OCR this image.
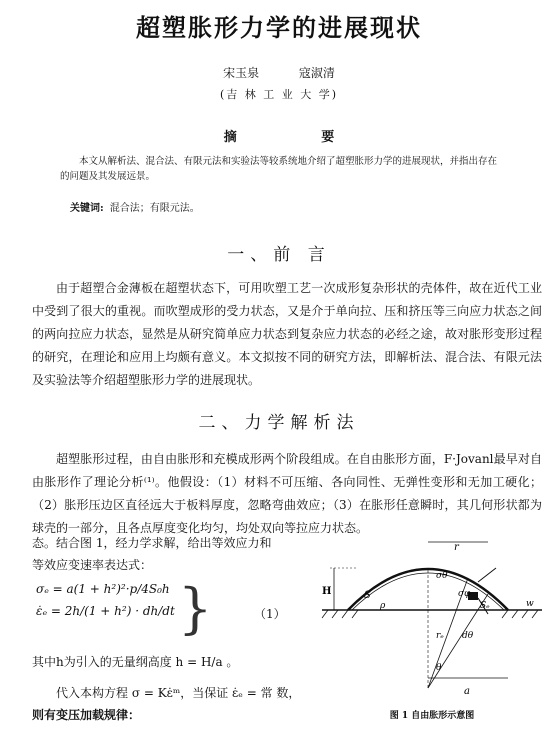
超塑胀形力学的进展现状
宋玉泉	寇淑清
(吉 林 工 业 大 学)
摘 要
本文从解析法、混合法、有限元法和实验法等较系统地介绍了超塑胀形力学的进展现状，并指出存在的问题及其发展远景。
关键词: 混合法；有限元法。
一、前 言
由于超塑合金薄板在超塑状态下，可用吹塑工艺一次成形复杂形状的壳体件，故在近代工业中受到了很大的重视。而吹塑成形的受力状态，又是介于单向拉、压和挤压等三向应力状态之间的两向拉应力状态，显然是从研究简单应力状态到复杂应力状态的必经之途，故对胀形变形过程的研究，在理论和应用上均颇有意义。本文拟按不同的研究方法，即解析法、混合法、有限元法及实验法等介绍超塑胀形力学的进展现状。
二、力学解析法
超塑胀形过程，由自由胀形和充模成形两个阶段组成。在自由胀形方面，F·Jovanl最早对自由胀形作了理论分析⁽¹⁾。他假设：（1）材料不可压缩、各向同性、无弹性变形和无加工硬化；（2）胀形压边区直径远大于板料厚度，忽略弯曲效应；（3）在胀形任意瞬时，其几何形状都为球壳的一部分，且各点厚度变化均匀，均处双向等拉应力状态。
态。结合图 1，经力学求解，给出等效应力和
等效应变速率表达式：
σₑ = a(1 + h²)²·p/4S₀h
ε̇ₑ = 2h/(1 + h²) · dh/dt }	（1）
其中h为引入的无量纲高度 h = H/a 。
代入本构方程 σ = Kε̇ᵐ，当保证 ε̇ₑ = 常 数，
则有变压加载规律：
r
σθ
H	S
ρ
σφ
Sₑ	w
rₑ dθ
θ
a
图 1 自由胀形示意图
